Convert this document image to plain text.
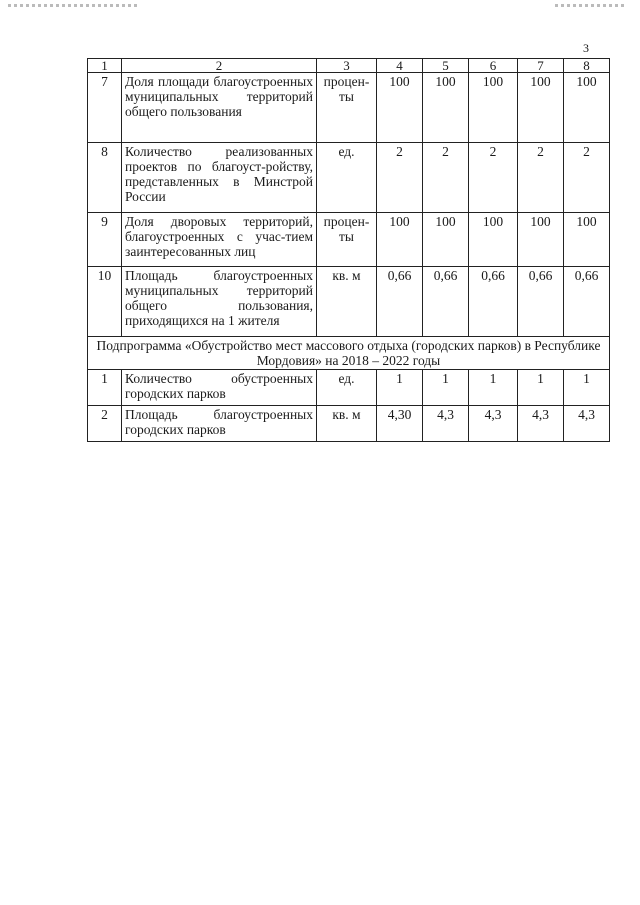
3
1	2	3	4	5	6	7	8
7	Доля площади благоустроенных муниципальных территорий общего пользования	процен-ты	100	100	100	100	100
8	Количество реализованных проектов по благоуст-ройству, представленных в Минстрой России	ед.	2	2	2	2	2
9	Доля дворовых территорий, благоустроенных с учас-тием заинтересованных лиц	процен-ты	100	100	100	100	100
10	Площадь благоустроенных муниципальных территорий общего пользования, приходящихся на 1 жителя	кв. м	0,66	0,66	0,66	0,66	0,66
Подпрограмма «Обустройство мест массового отдыха (городских парков) в Республике Мордовия» на 2018 – 2022 годы							
1	Количество обустроенных городских парков	ед.	1	1	1	1	1
2	Площадь благоустроенных городских парков	кв. м	4,30	4,3	4,3	4,3	4,3
